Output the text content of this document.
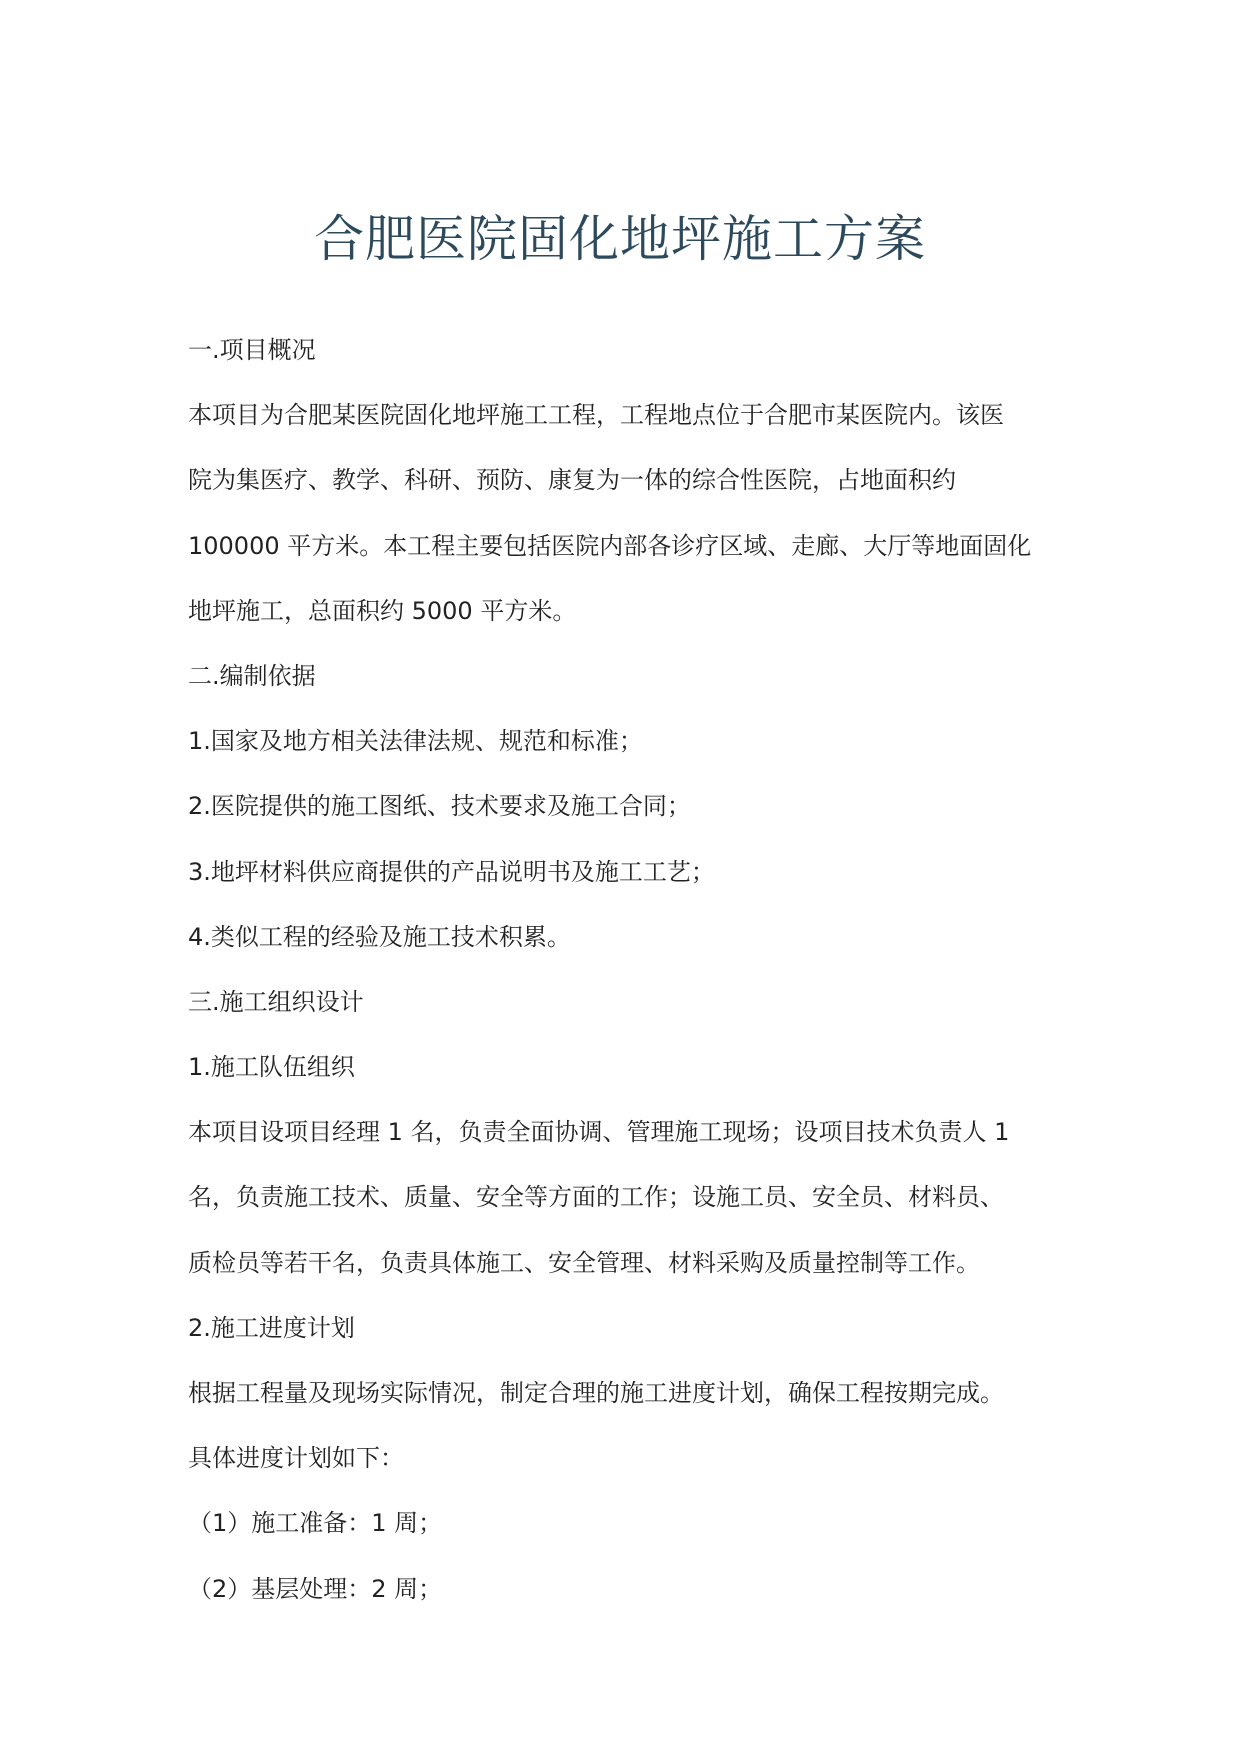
合肥医院固化地坪施工方案

一.项目概况

本项目为合肥某医院固化地坪施工工程，工程地点位于合肥市某医院内。该医

院为集医疗、教学、科研、预防、康复为一体的综合性医院，占地面积约

100000 平方米。本工程主要包括医院内部各诊疗区域、走廊、大厅等地面固化

地坪施工，总面积约 5000 平方米。

二.编制依据

1.国家及地方相关法律法规、规范和标准；

2.医院提供的施工图纸、技术要求及施工合同；

3.地坪材料供应商提供的产品说明书及施工工艺；

4.类似工程的经验及施工技术积累。

三.施工组织设计

1.施工队伍组织

本项目设项目经理 1 名，负责全面协调、管理施工现场；设项目技术负责人 1

名，负责施工技术、质量、安全等方面的工作；设施工员、安全员、材料员、

质检员等若干名，负责具体施工、安全管理、材料采购及质量控制等工作。

2.施工进度计划

根据工程量及现场实际情况，制定合理的施工进度计划，确保工程按期完成。

具体进度计划如下：

（1）施工准备：1 周；

（2）基层处理：2 周；
